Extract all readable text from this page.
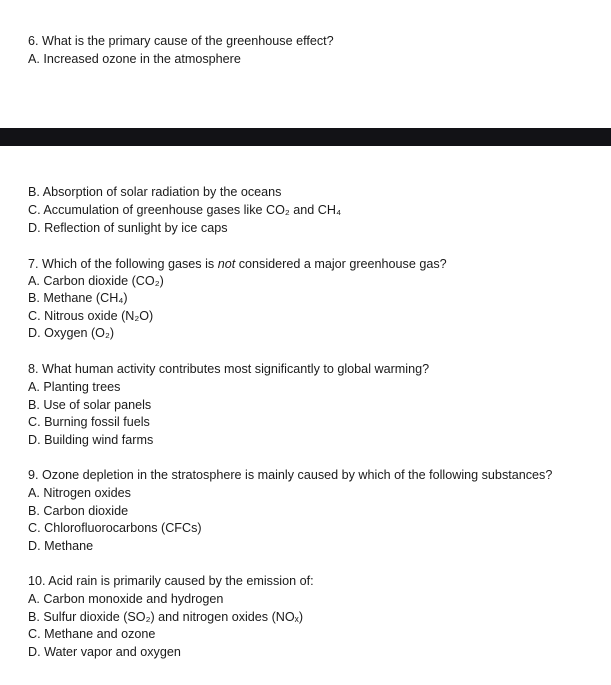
6. What is the primary cause of the greenhouse effect?
A. Increased ozone in the atmosphere
B. Absorption of solar radiation by the oceans
C. Accumulation of greenhouse gases like CO₂ and CH₄
D. Reflection of sunlight by ice caps
7. Which of the following gases is not considered a major greenhouse gas?
A. Carbon dioxide (CO₂)
B. Methane (CH₄)
C. Nitrous oxide (N₂O)
D. Oxygen (O₂)
8. What human activity contributes most significantly to global warming?
A. Planting trees
B. Use of solar panels
C. Burning fossil fuels
D. Building wind farms
9. Ozone depletion in the stratosphere is mainly caused by which of the following substances?
A. Nitrogen oxides
B. Carbon dioxide
C. Chlorofluorocarbons (CFCs)
D. Methane
10. Acid rain is primarily caused by the emission of:
A. Carbon monoxide and hydrogen
B. Sulfur dioxide (SO₂) and nitrogen oxides (NOₓ)
C. Methane and ozone
D. Water vapor and oxygen
